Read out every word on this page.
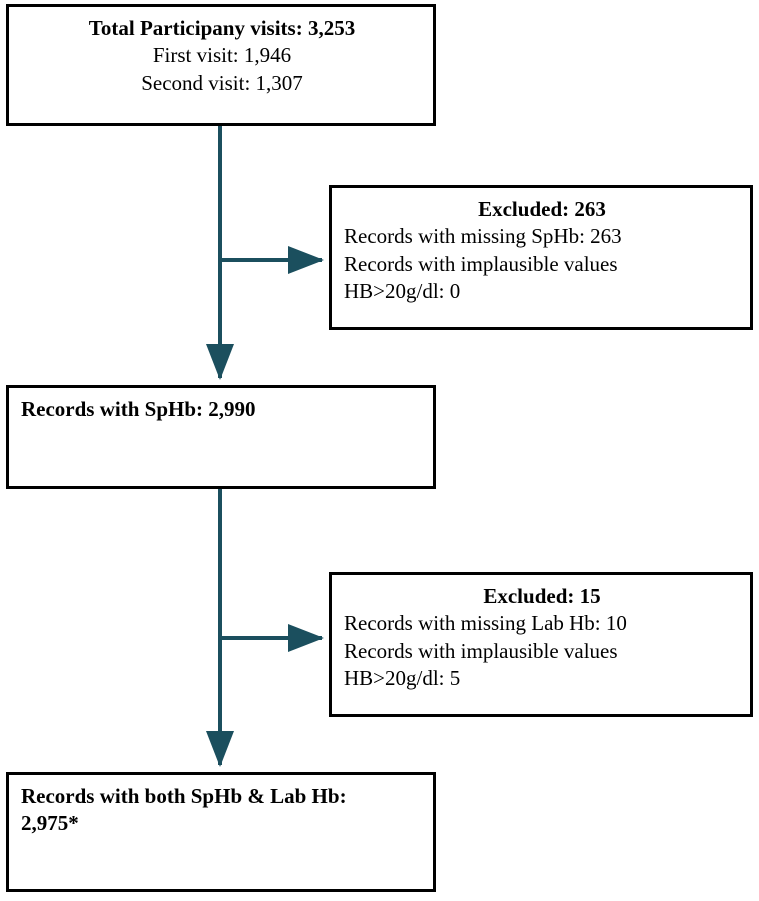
Total Participany visits: 3,253
First visit: 1,946
Second visit: 1,307
Excluded: 263
Records with missing SpHb: 263
Records with implausible values
HB>20g/dl: 0
Records with SpHb: 2,990
Excluded: 15
Records with missing Lab Hb: 10
Records with implausible values
HB>20g/dl: 5
Records with both SpHb & Lab Hb:
2,975*
